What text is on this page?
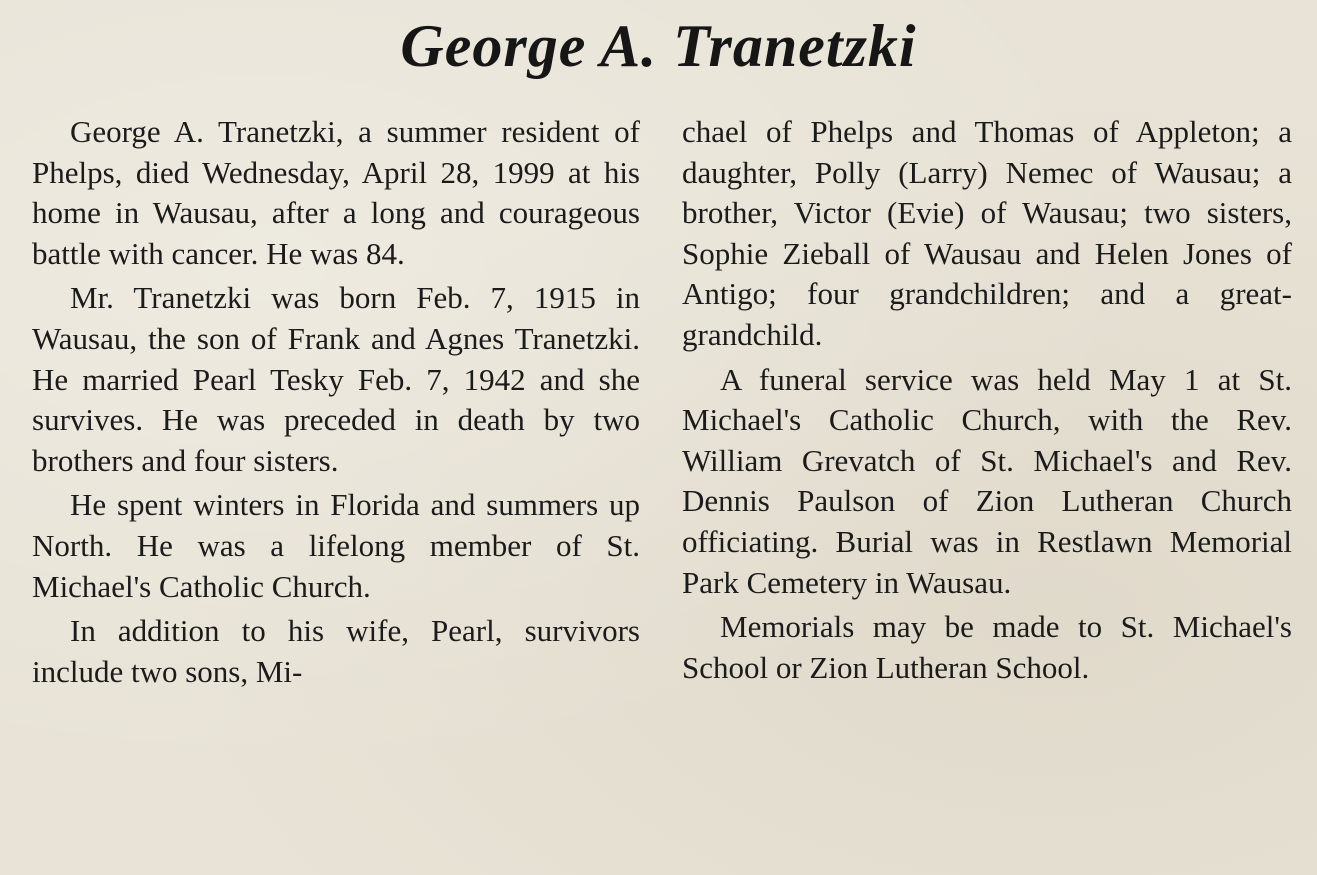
George A. Tranetzki

George A. Tranetzki, a summer resident of Phelps, died Wednesday, April 28, 1999 at his home in Wausau, after a long and courageous battle with cancer. He was 84.

Mr. Tranetzki was born Feb. 7, 1915 in Wausau, the son of Frank and Agnes Tranetzki. He married Pearl Tesky Feb. 7, 1942 and she survives. He was preceded in death by two brothers and four sisters.

He spent winters in Florida and summers up North. He was a lifelong member of St. Michael's Catholic Church.

In addition to his wife, Pearl, survivors include two sons, Mi-

chael of Phelps and Thomas of Appleton; a daughter, Polly (Larry) Nemec of Wausau; a brother, Victor (Evie) of Wausau; two sisters, Sophie Zieball of Wausau and Helen Jones of Antigo; four grandchildren; and a great-grandchild.

A funeral service was held May 1 at St. Michael's Catholic Church, with the Rev. William Grevatch of St. Michael's and Rev. Dennis Paulson of Zion Lutheran Church officiating. Burial was in Restlawn Memorial Park Cemetery in Wausau.

Memorials may be made to St. Michael's School or Zion Lutheran School.
